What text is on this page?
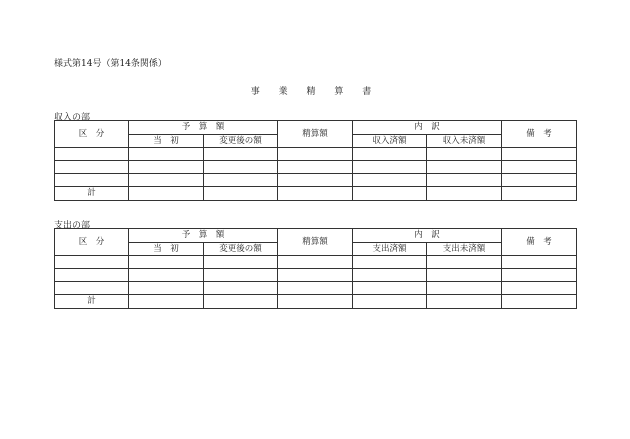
様式第14号（第14条関係）
事 業 精 算 書
収入の部
区　分	予　算　額		精算額	内　訳		備　考
	当　初	変更後の額		収入済額	収入未済額	

計						
支出の部
区　分	予　算　額		精算額	内　訳		備　考
	当　初	変更後の額		支出済額	支出未済額	

計						
